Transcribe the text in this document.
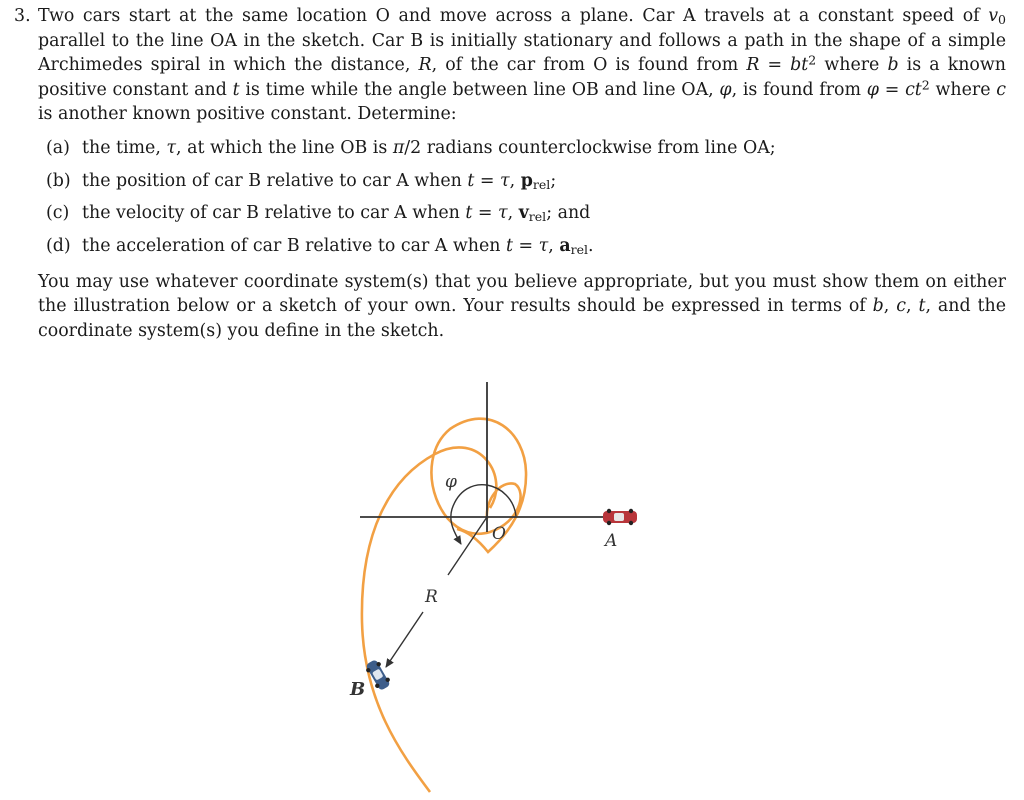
3. Two cars start at the same location O and move across a plane. Car A travels at a constant speed of $v_0$ parallel to the line OA in the sketch. Car B is initially stationary and follows a path in the shape of a simple Archimedes spiral in which the distance, R, of the car from O is found from $R = bt^2$ where b is a known positive constant and t is time while the angle between line OB and line OA, φ, is found from $\varphi = ct^2$ where c is another known positive constant. Determine:

(a) the time, τ, at which the line OB is π/2 radians counterclockwise from line OA;
(b) the position of car B relative to car A when t = τ, $p_{rel}$;
(c) the velocity of car B relative to car A when t = τ, $v_{rel}$; and
(d) the acceleration of car B relative to car A when t = τ, $a_{rel}$.

You may use whatever coordinate system(s) that you believe appropriate, but you must show them on either the illustration below or a sketch of your own. Your results should be expressed in terms of b, c, t, and the coordinate system(s) you define in the sketch.

φ
O	A
R
B
